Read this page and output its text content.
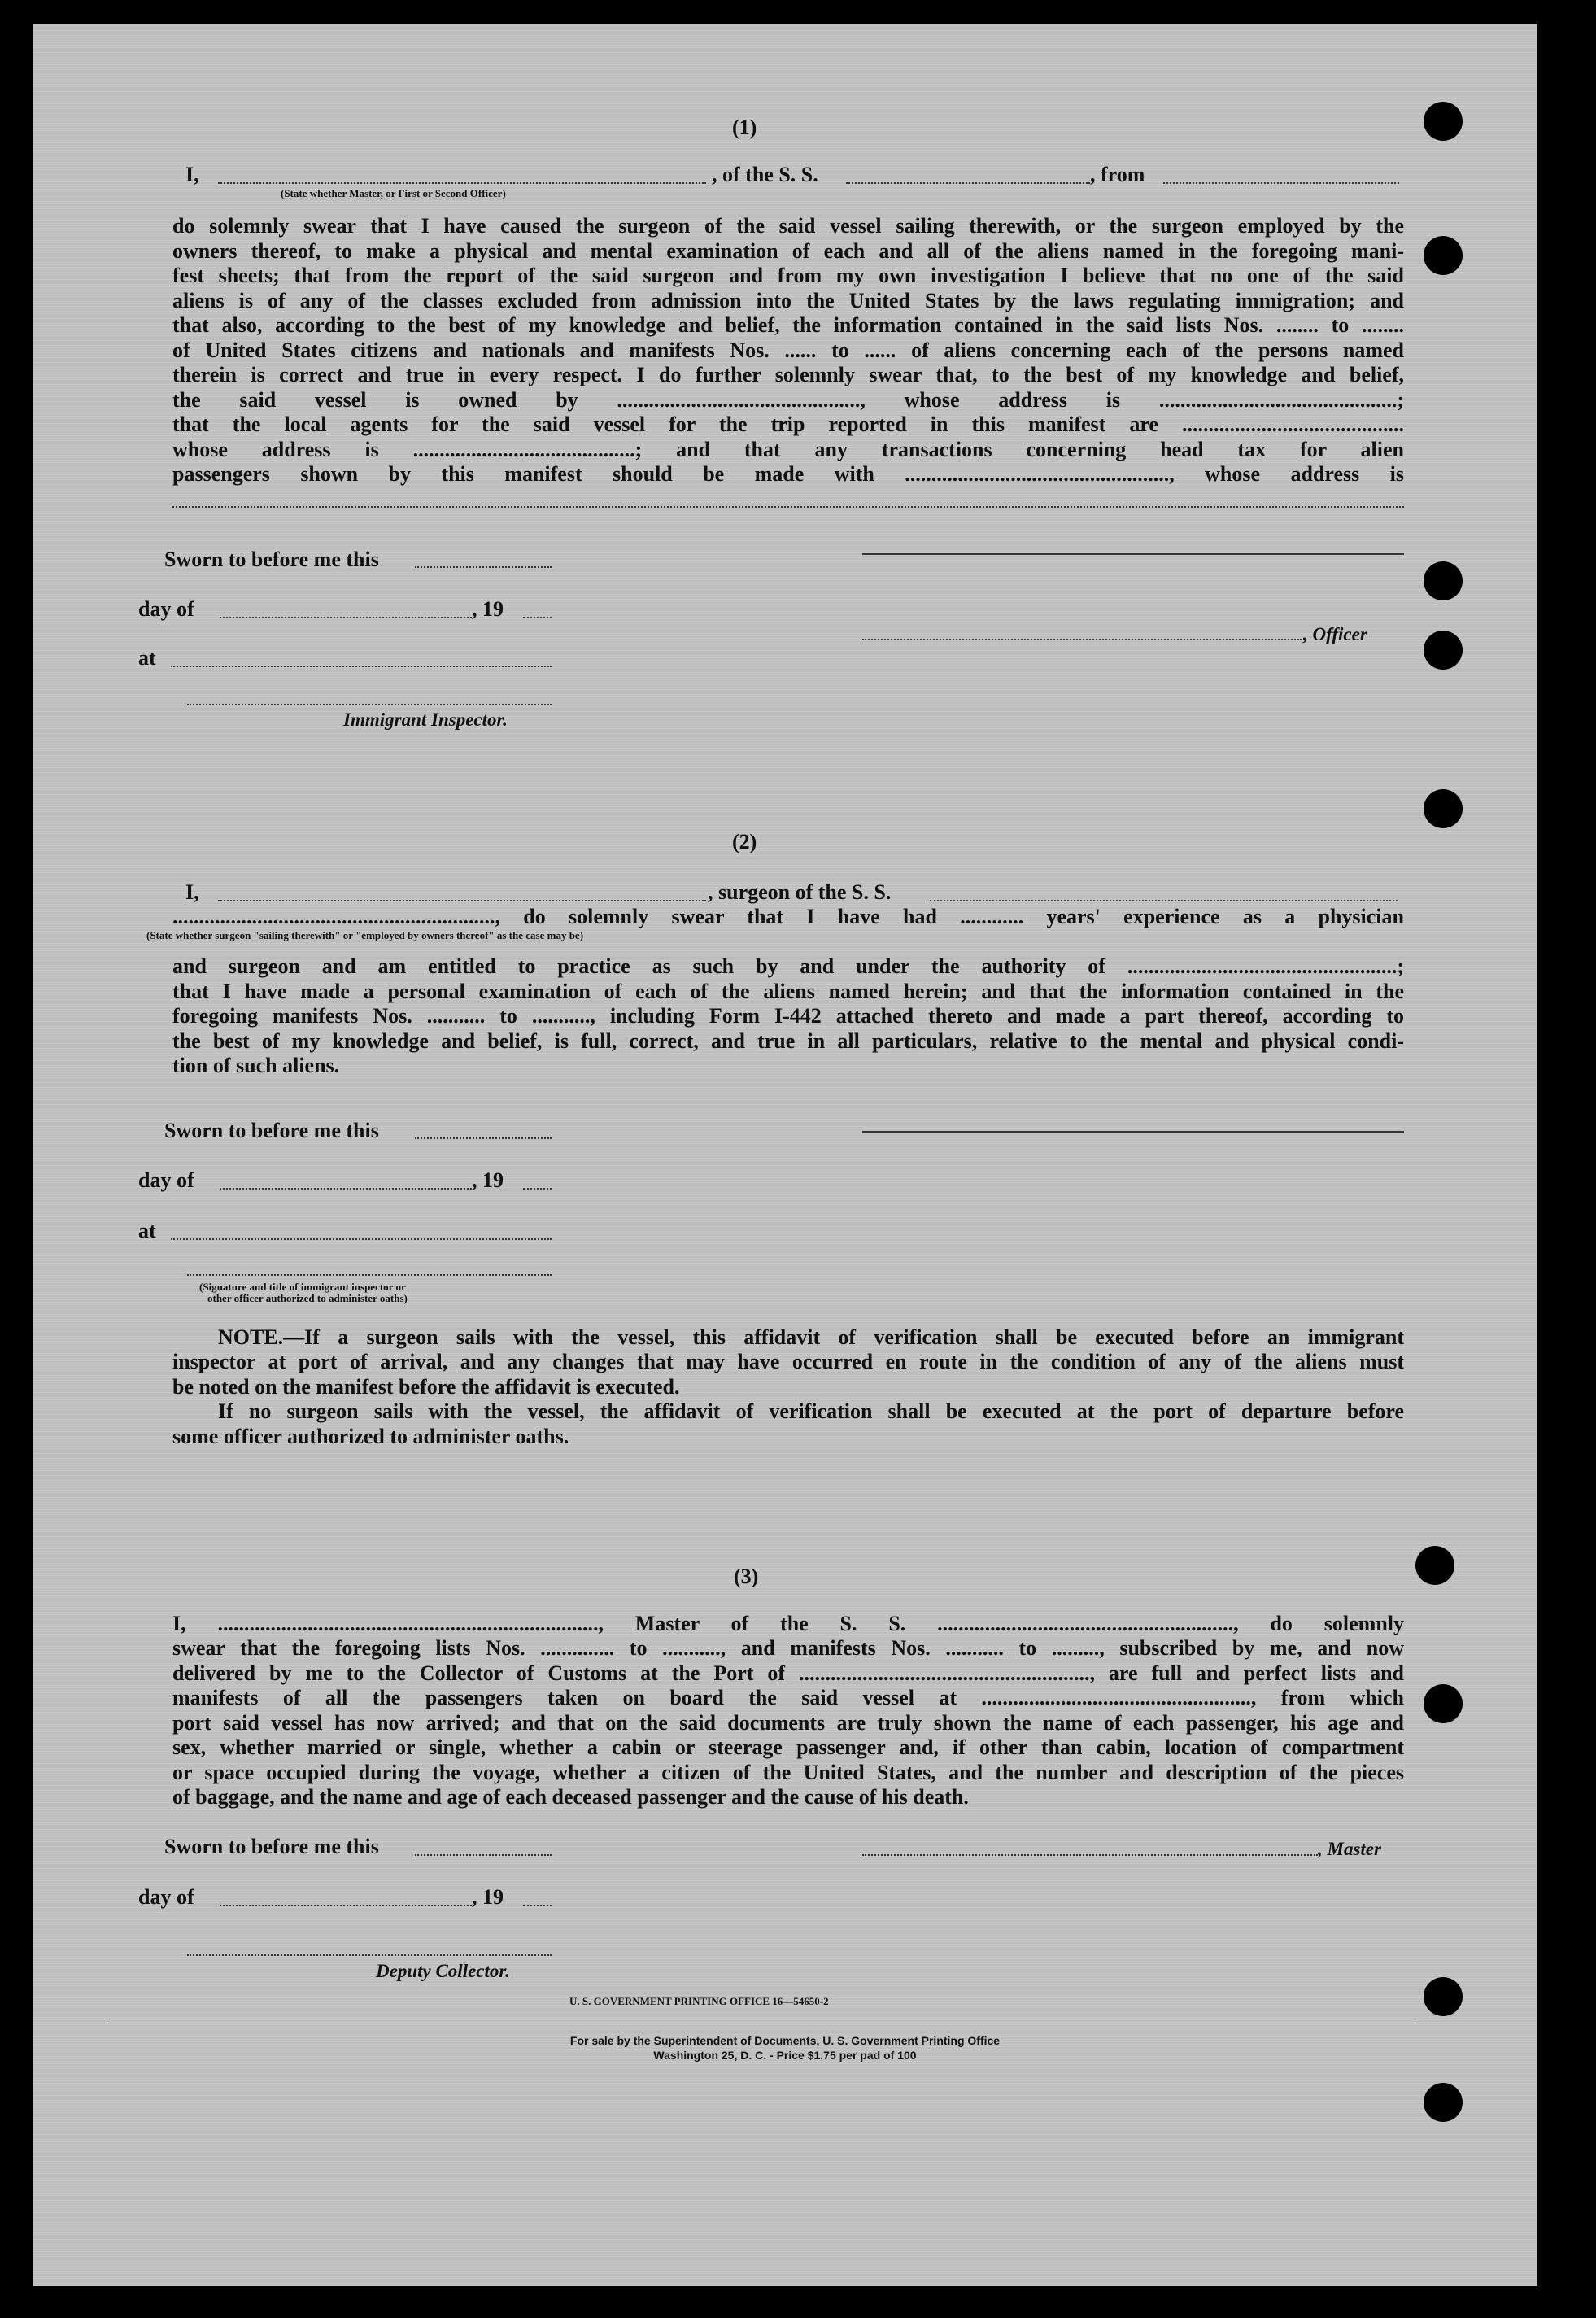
(1)
I,
(State whether Master, or First or Second Officer)
, of the S. S.	, from
do solemnly swear that I have caused the surgeon of the said vessel sailing therewith, or the surgeon employed by the
owners thereof, to make a physical and mental examination of each and all of the aliens named in the foregoing mani-
fest sheets; that from the report of the said surgeon and from my own investigation I believe that no one of the said
aliens is of any of the classes excluded from admission into the United States by the laws regulating immigration; and
that also, according to the best of my knowledge and belief, the information contained in the said lists Nos. ........ to ........
of United States citizens and nationals and manifests Nos. ...... to ...... of aliens concerning each of the persons named
therein is correct and true in every respect. I do further solemnly swear that, to the best of my knowledge and belief,
the said vessel is owned by .............................................., whose address is .............................................;
that the local agents for the said vessel for the trip reported in this manifest are ..........................................
whose address is ..........................................; and that any transactions concerning head tax for alien
passengers shown by this manifest should be made with .................................................., whose address is
Sworn to before me this
day of	, 19
, Officer
at
Immigrant Inspector.
(2)
I,	, surgeon of the S. S.
............................................................., do solemnly swear that I have had ............ years' experience as a physician
(State whether surgeon "sailing therewith" or "employed by owners thereof" as the case may be)
and surgeon and am entitled to practice as such by and under the authority of ...................................................;
that I have made a personal examination of each of the aliens named herein; and that the information contained in the
foregoing manifests Nos. ........... to ..........., including Form I-442 attached thereto and made a part thereof, according to
the best of my knowledge and belief, is full, correct, and true in all particulars, relative to the mental and physical condi-
tion of such aliens.
Sworn to before me this
day of	, 19
at
(Signature and title of immigrant inspector or
other officer authorized to administer oaths)
NOTE.—If a surgeon sails with the vessel, this affidavit of verification shall be executed before an immigrant
inspector at port of arrival, and any changes that may have occurred en route in the condition of any of the aliens must
be noted on the manifest before the affidavit is executed.
If no surgeon sails with the vessel, the affidavit of verification shall be executed at the port of departure before
some officer authorized to administer oaths.
(3)
I, ........................................................................, Master of the S. S. ........................................................, do solemnly
swear that the foregoing lists Nos. .............. to ..........., and manifests Nos. ........... to ........., subscribed by me, and now
delivered by me to the Collector of Customs at the Port of ......................................................., are full and perfect lists and
manifests of all the passengers taken on board the said vessel at ..................................................., from which
port said vessel has now arrived; and that on the said documents are truly shown the name of each passenger, his age and
sex, whether married or single, whether a cabin or steerage passenger and, if other than cabin, location of compartment
or space occupied during the voyage, whether a citizen of the United States, and the number and description of the pieces
of baggage, and the name and age of each deceased passenger and the cause of his death.
Sworn to before me this	, Master
day of	, 19
Deputy Collector.
U. S. GOVERNMENT PRINTING OFFICE 16—54650-2
For sale by the Superintendent of Documents, U. S. Government Printing Office
Washington 25, D. C. - Price $1.75 per pad of 100
